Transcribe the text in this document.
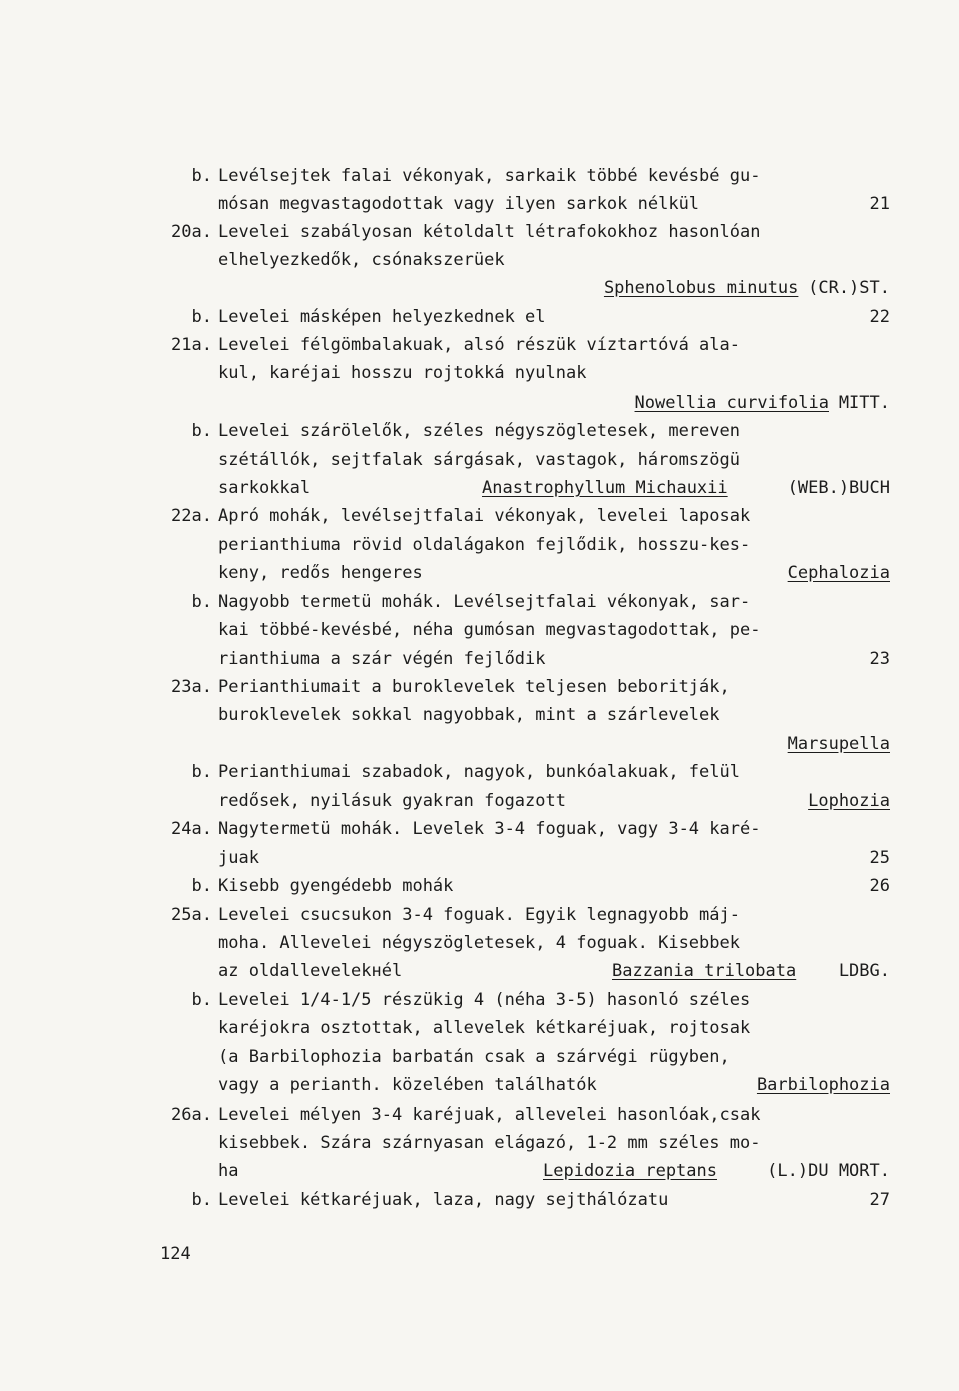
b. Levélsejtek falai vékonyak, sarkaik többé kevésbé gu-
mósan megvastagodottak vagy ilyen sarkok nélkül	21
20a. Levelei szabályosan kétoldalt létrafokokhoz hasonlóan
elhelyezkedők, csónakszerüek
Sphenolobus minutus (CR.)ST.
b. Levelei másképen helyezkednek el	22
21a. Levelei félgömbalakuak, alsó részük víztartóvá ala-
kul, karéjai hosszu rojtokká nyulnak
Nowellia curvifolia MITT.
b. Levelei szárölelők, széles négyszögletesek, mereven
szétállók, sejtfalak sárgásak, vastagok, háromszögü
sarkokkal	Anastrophyllum Michauxii	(WEB.)BUCH
22a. Apró mohák, levélsejtfalai vékonyak, levelei laposak
perianthiuma rövid oldalágakon fejlődik, hosszu-kes-
keny, redős hengeres	Cephalozia
b. Nagyobb termetü mohák. Levélsejtfalai vékonyak, sar-
kai többé-kevésbé, néha gumósan megvastagodottak, pe-
rianthiuma a szár végén fejlődik	23
23a. Perianthiumait a buroklevelek teljesen beboritják,
buroklevelek sokkal nagyobbak, mint a szárlevelek
Marsupella
b. Perianthiumai szabadok, nagyok, bunkóalakuak, felül
redősek, nyilásuk gyakran fogazott	Lophozia
24a. Nagytermetü mohák. Levelek 3-4 foguak, vagy 3-4 karé-
juak	25
b. Kisebb gyengédebb mohák	26
25a. Levelei csucsukon 3-4 foguak. Egyik legnagyobb máj-
moha. Allevelei négyszögletesek, 4 foguak. Kisebbek
az oldallevelekнél	Bazzania trilobata	LDBG.
b. Levelei 1/4-1/5 részükig 4 (néha 3-5) hasonló széles
karéjokra osztottak, allevelek kétkaréjuak, rojtosak
(a Barbilophozia barbatán csak a szárvégi rügyben,
vagy a perianth. közelében találhatók	Barbilophozia
26a. Levelei mélyen 3-4 karéjuak, allevelei hasonlóak,csak
kisebbek. Szára szárnyasan elágazó, 1-2 mm széles mo-
ha	Lepidozia reptans	(L.)DU MORT.
b. Levelei kétkaréjuak, laza, nagy sejthálózatu	27
124
